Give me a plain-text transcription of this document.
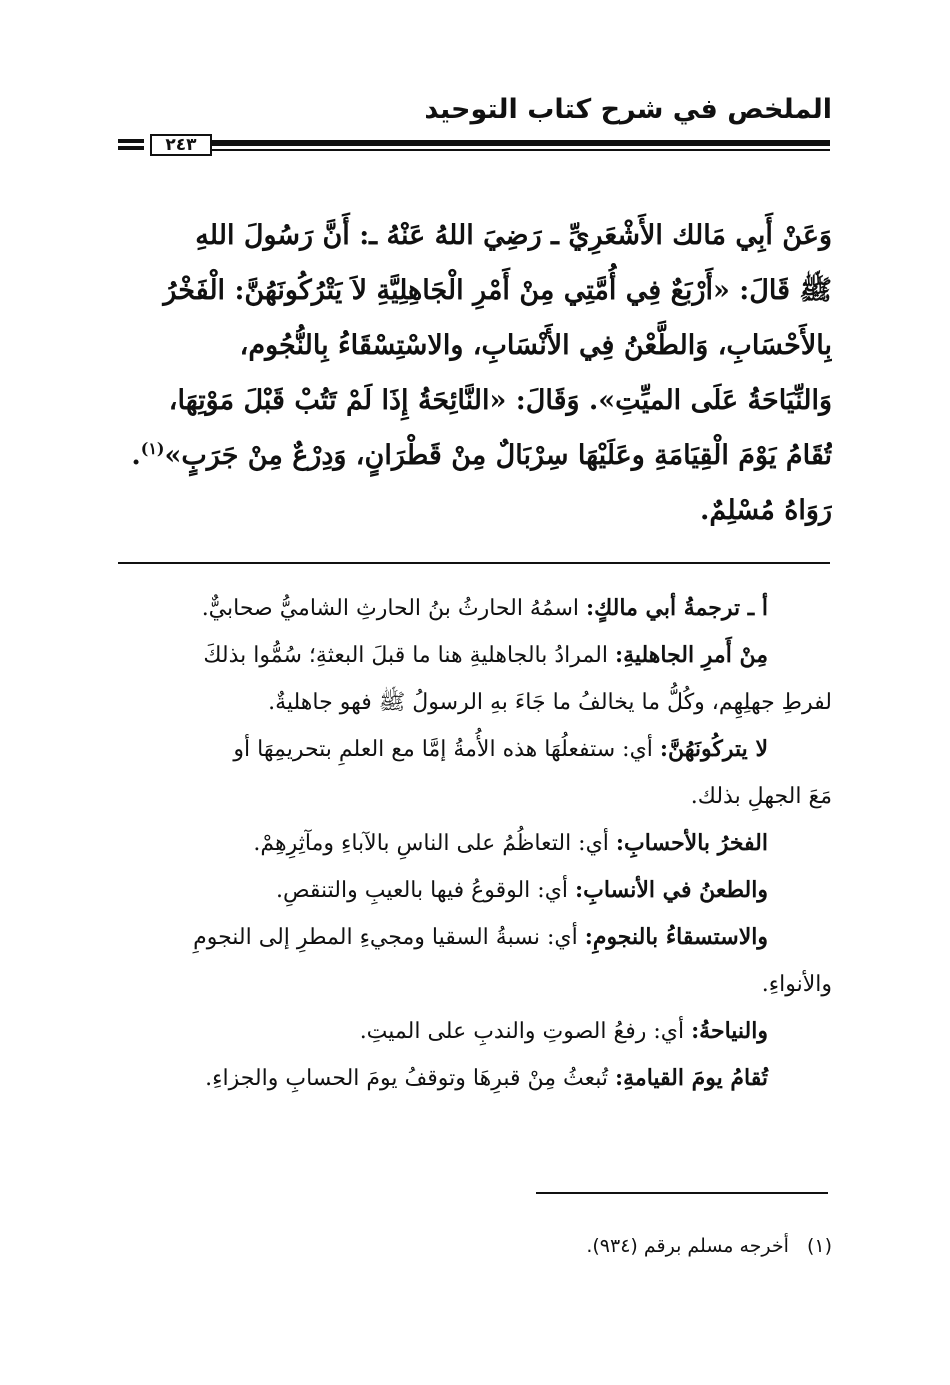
الملخص في شرح كتاب التوحيد
٢٤٣
وَعَنْ أَبِي مَالك الأَشْعَرِيِّ ـ رَضِيَ اللهُ عَنْهُ ـ: أَنَّ رَسُولَ اللهِ
ﷺ قَالَ: «أَرْبَعٌ فِي أُمَّتِي مِنْ أَمْرِ الْجَاهِلِيَّةِ لاَ يَتْرُكُونَهُنَّ: الْفَخْرُ
بِالأَحْسَابِ، وَالطَّعْنُ فِي الأَنْسَابِ، والاسْتِسْقَاءُ بِالنُّجُوم،
وَالنِّيَاحَةُ عَلَى الميِّتِ». وَقَالَ: «النَّائِحَةُ إِذَا لَمْ تَتُبْ قَبْلَ مَوْتِهَا،
تُقَامُ يَوْمَ الْقِيَامَةِ وعَلَيْهَا سِرْبَالٌ مِنْ قَطْرَانٍ، وَدِرْعٌ مِنْ جَرَبٍ»$^{(١)}$.
رَوَاهُ مُسْلِمٌ.

أ ـ ترجمةُ أبي مالكٍ: اسمُهُ الحارثُ بنُ الحارثِ الشاميُّ صحابيٌّ.

مِنْ أَمرِ الجاهليةِ: المرادُ بالجاهليةِ هنا ما قبلَ البعثةِ؛ سُمُّوا بذلكَ

لفرطِ جهلِهِم، وكُلُّ ما يخالفُ ما جَاءَ بهِ الرسولُ ﷺ فهو جاهليةٌ.

لا يتركُونَهُنَّ: أي: ستفعلُهَا هذه الأُمةُ إمَّا مع العلمِ بتحريمِهَا أو

مَعَ الجهلِ بذلك.

الفخرُ بالأحسابِ: أي: التعاظُمُ على الناسِ بالآباءِ ومآثِرِهِمْ.

والطعنُ في الأنسابِ: أي: الوقوعُ فيها بالعيبِ والتنقصِ.

والاستسقاءُ بالنجومِ: أي: نسبةُ السقيا ومجيءِ المطرِ إلى النجومِ

والأنواءِ.

والنياحةُ: أي: رفعُ الصوتِ والندبِ على الميتِ.

تُقامُ يومَ القيامةِ: تُبعثُ مِنْ قبرِهَا وتوقفُ يومَ الحسابِ والجزاءِ.

(١)أخرجه مسلم برقم (٩٣٤).
